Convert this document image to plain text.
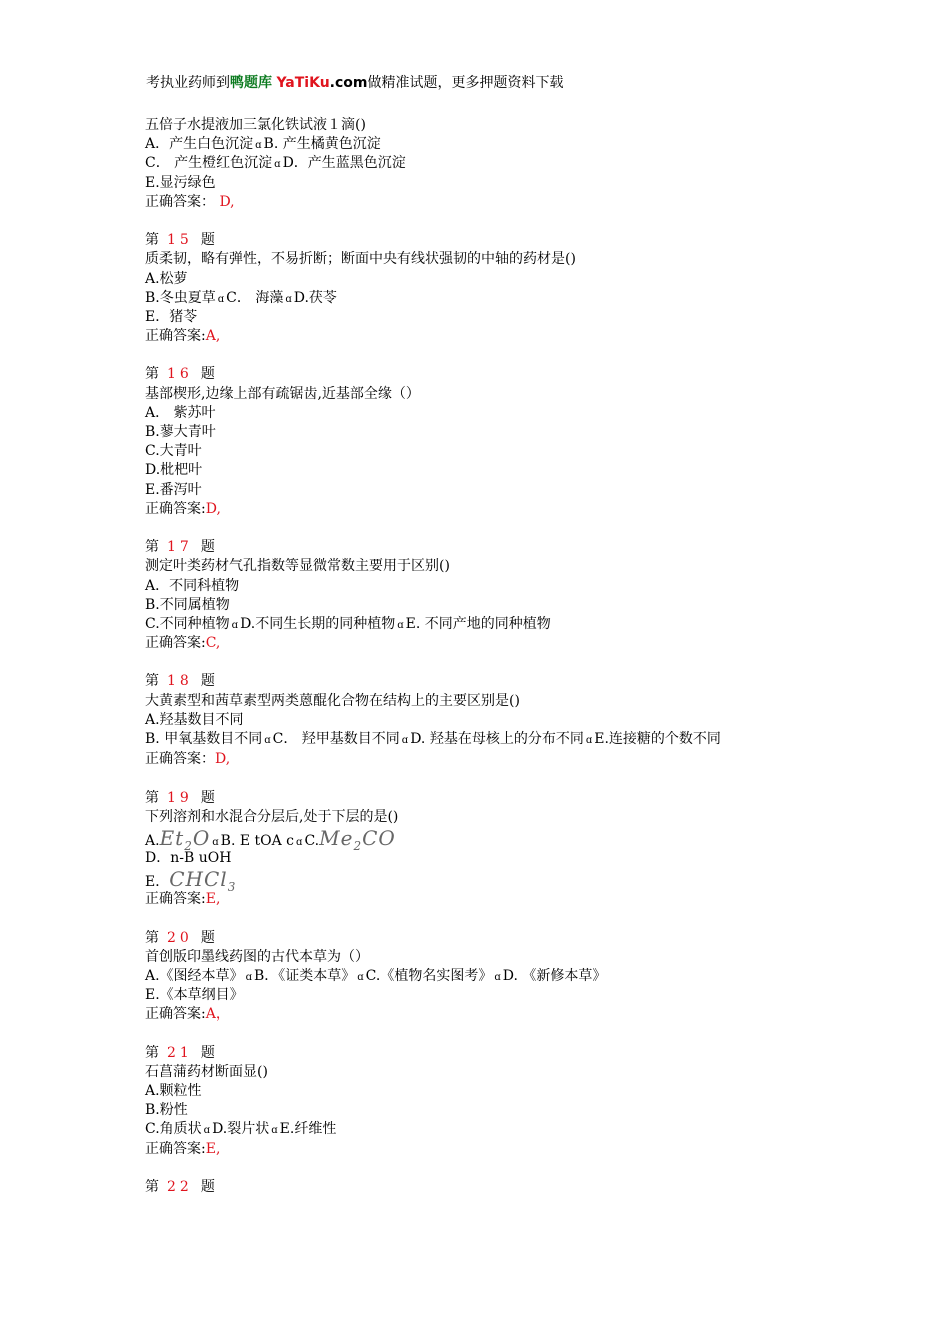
考执业药师到鸭题库 YaTiKu.com做精准试题，更多押题资料下载
五倍子水提液加三氯化铁试液１滴()
A．产生白色沉淀 ɑ B. 产生橘黄色沉淀
C． 产生橙红色沉淀 ɑ D．产生蓝黑色沉淀
E.显污绿色
正确答案： D,
第 15 题
质柔韧，略有弹性，不易折断；断面中央有线状强韧的中轴的药材是()
A.松萝
B.冬虫夏草 ɑ C． 海藻 ɑ D.茯苓
E．猪苓
正确答案:A,
第 16 题
基部楔形,边缘上部有疏锯齿,近基部全缘（）
A． 紫苏叶
B.蓼大青叶
C.大青叶
D.枇杷叶
E.番泻叶
正确答案:D,
第 17 题
测定叶类药材气孔指数等显微常数主要用于区别()
A．不同科植物
B.不同属植物
C.不同种植物 ɑ D.不同生长期的同种植物 ɑ E. 不同产地的同种植物
正确答案:C,
第 18 题
大黄素型和茜草素型两类蒽醌化合物在结构上的主要区别是()
A.羟基数目不同
B. 甲氧基数目不同 ɑ C． 羟甲基数目不同 ɑ D. 羟基在母核上的分布不同 ɑ E.连接糖的个数不同
正确答案：D,
第 19 题
下列溶剂和水混合分层后,处于下层的是()
$A.Et_2O$ ɑ B. E tOA c ɑ $C.Me_2CO$
D．n-B uOH
E．CHCl$_3$
正确答案:E,
第 20 题
首创版印墨线药图的古代本草为（）
A.《图经本草》 ɑ B．《证类本草》 ɑ C.《植物名实图考》 ɑ D. 《新修本草》
E.《本草纲目》
正确答案:A，
第 21 题
石菖蒲药材断面显()
A.颗粒性
B.粉性
C.角质状 ɑ D.裂片状 ɑ E.纤维性
正确答案:E,
第 22 题
